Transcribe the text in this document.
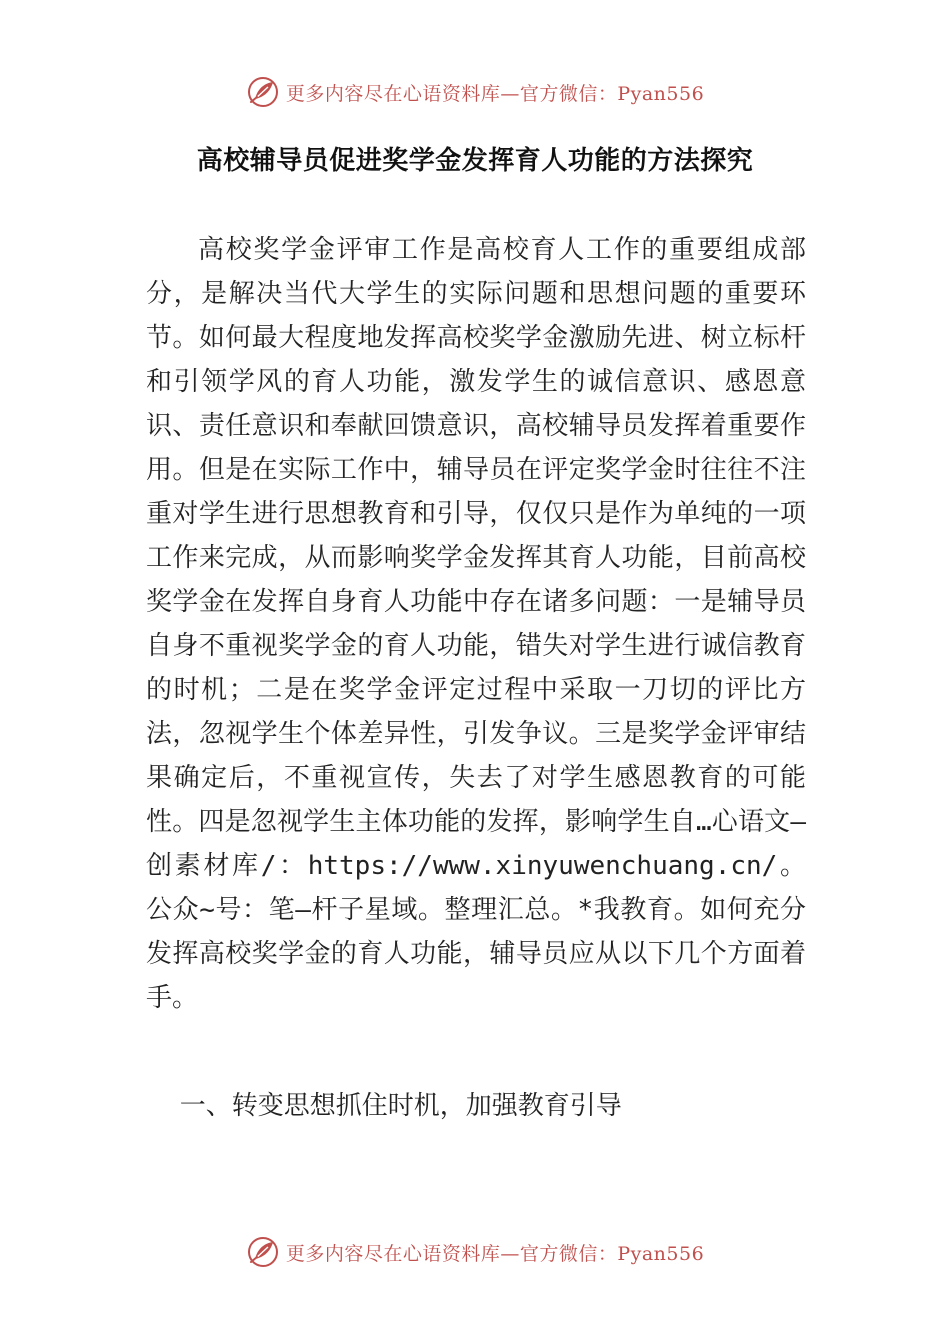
更多内容尽在心语资料库—官方微信：Pyan556
高校辅导员促进奖学金发挥育人功能的方法探究

高校奖学金评审工作是高校育人工作的重要组成部分，是解决当代大学生的实际问题和思想问题的重要环节。如何最大程度地发挥高校奖学金激励先进、树立标杆和引领学风的育人功能，激发学生的诚信意识、感恩意识、责任意识和奉献回馈意识，高校辅导员发挥着重要作用。但是在实际工作中，辅导员在评定奖学金时往往不注重对学生进行思想教育和引导，仅仅只是作为单纯的一项工作来完成，从而影响奖学金发挥其育人功能，目前高校奖学金在发挥自身育人功能中存在诸多问题：一是辅导员自身不重视奖学金的育人功能，错失对学生进行诚信教育的时机；二是在奖学金评定过程中采取一刀切的评比方法，忽视学生个体差异性，引发争议。三是奖学金评审结果确定后，不重视宣传，失去了对学生感恩教育的可能性。四是忽视学生主体功能的发挥，影响学生自…心语文—创素材库/：https://www.xinyuwenchuang.cn/。公众~号：笔—杆子星域。整理汇总。*我教育。如何充分发挥高校奖学金的育人功能，辅导员应从以下几个方面着手。

一、转变思想抓住时机，加强教育引导

更多内容尽在心语资料库—官方微信：Pyan556
